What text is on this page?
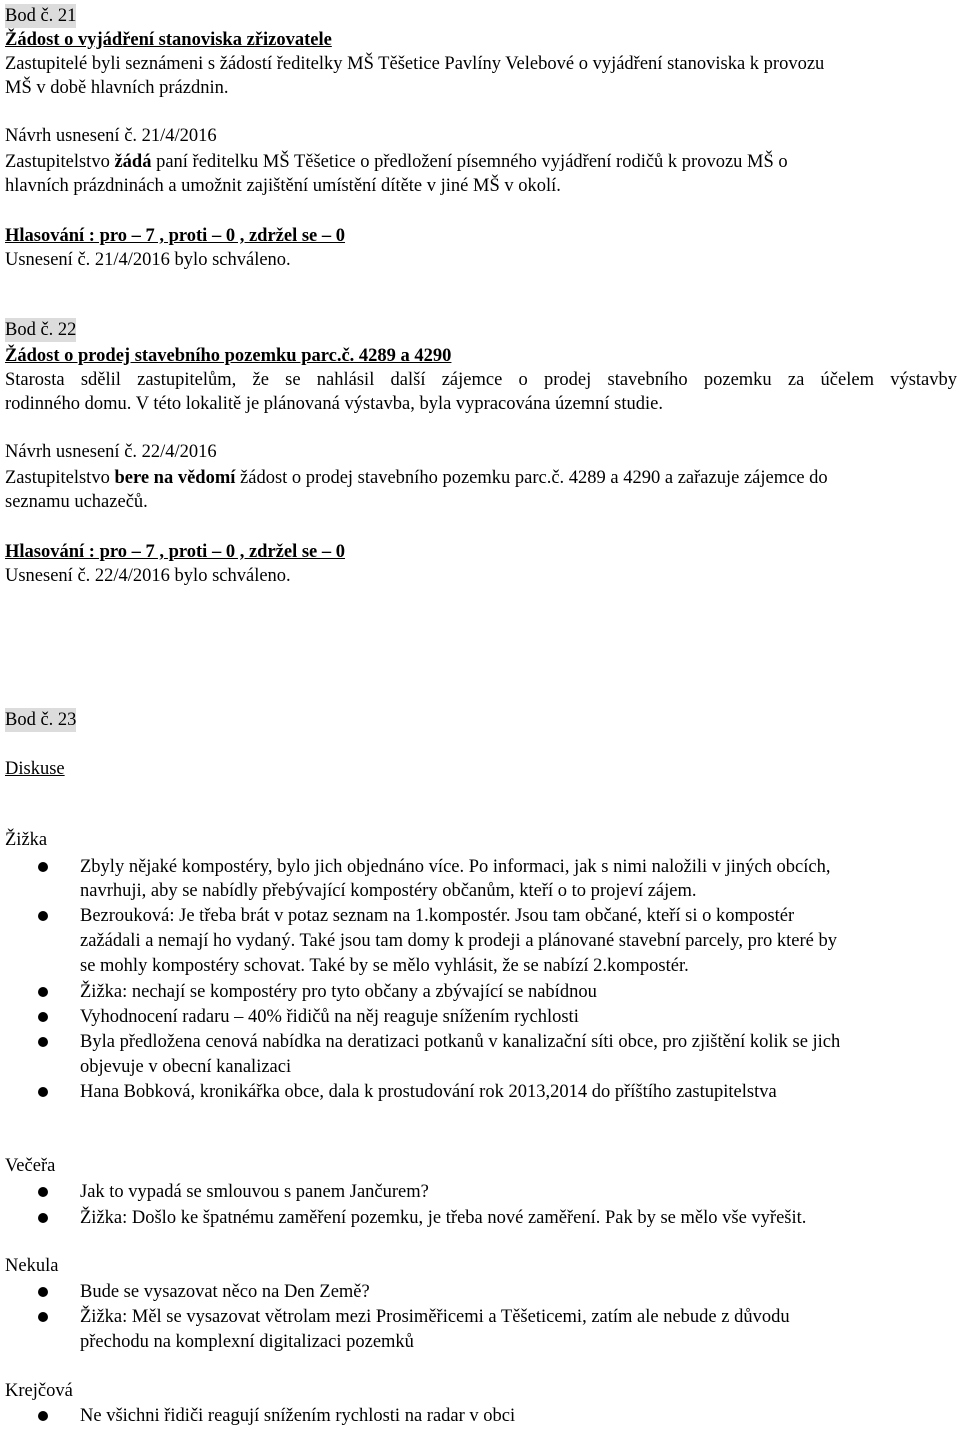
Bod č. 21
Žádost o vyjádření stanoviska zřizovatele
Zastupitelé byli seznámeni s žádostí ředitelky MŠ Těšetice Pavlíny Velebové o vyjádření stanoviska k provozu
MŠ v době hlavních prázdnin.
Návrh usnesení č. 21/4/2016
Zastupitelstvo žádá paní ředitelku MŠ Těšetice o předložení písemného vyjádření rodičů k provozu MŠ o
hlavních prázdninách a umožnit zajištění umístění dítěte v jiné MŠ v okolí.
Hlasování : pro – 7 , proti – 0 , zdržel se – 0
Usnesení č. 21/4/2016 bylo schváleno.
Bod č. 22
Žádost o prodej stavebního pozemku parc.č. 4289 a 4290
Starosta sdělil zastupitelům, že se nahlásil další zájemce o prodej stavebního pozemku za účelem výstavby
rodinného domu. V této lokalitě je plánovaná výstavba, byla vypracována územní studie.
Návrh usnesení č. 22/4/2016
Zastupitelstvo bere na vědomí žádost o prodej stavebního pozemku parc.č. 4289 a 4290 a zařazuje zájemce do
seznamu uchazečů.
Hlasování : pro – 7 , proti – 0 , zdržel se – 0
Usnesení č. 22/4/2016 bylo schváleno.
Bod č. 23
Diskuse
Žižka
Zbyly nějaké kompostéry, bylo jich objednáno více. Po informaci, jak s nimi naložili v jiných obcích,
navrhuji, aby se nabídly přebývající kompostéry občanům, kteří o to projeví zájem.
Bezrouková: Je třeba brát v potaz seznam na 1.kompostér. Jsou tam občané, kteří si o kompostér
zažádali a nemají ho vydaný. Také jsou tam domy k prodeji a plánované stavební parcely, pro které by
se mohly kompostéry schovat. Také by se mělo vyhlásit, že se nabízí 2.kompostér.
Žižka: nechají se kompostéry pro tyto občany a zbývající se nabídnou
Vyhodnocení radaru – 40% řidičů na něj reaguje snížením rychlosti
Byla předložena cenová nabídka na deratizaci potkanů v kanalizační síti obce, pro zjištění kolik se jich
objevuje v obecní kanalizaci
Hana Bobková, kronikářka obce, dala k prostudování rok 2013,2014 do příštího zastupitelstva
Večeřa
Jak to vypadá se smlouvou s panem Jančurem?
Žižka: Došlo ke špatnému zaměření pozemku, je třeba nové zaměření. Pak by se mělo vše vyřešit.
Nekula
Bude se vysazovat něco na Den Země?
Žižka: Měl se vysazovat větrolam mezi Prosiměřicemi a Těšeticemi, zatím ale nebude z důvodu
přechodu na komplexní digitalizaci pozemků
Krejčová
Ne všichni řidiči reagují snížením rychlosti na radar v obci
